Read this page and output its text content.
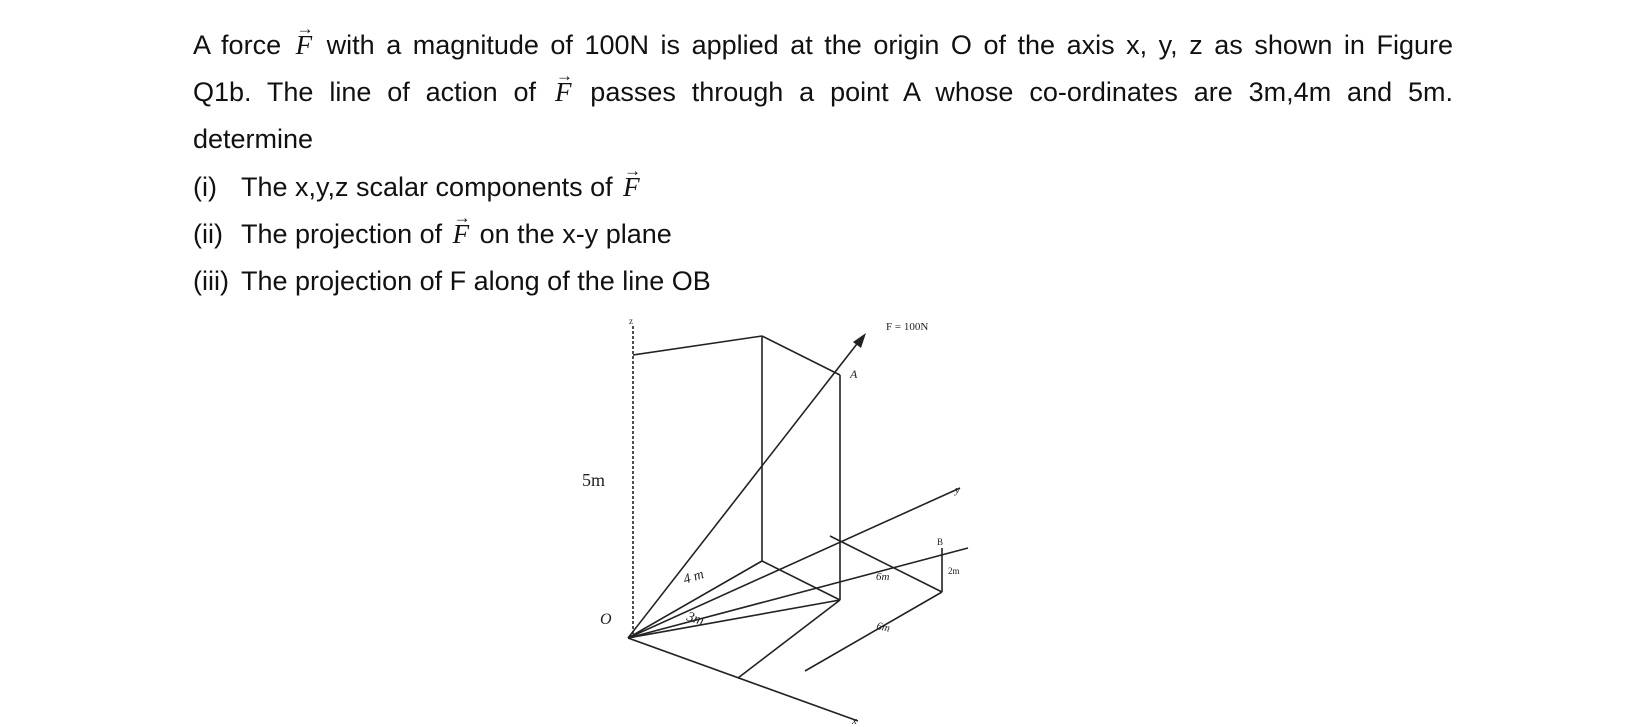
A force → F with a magnitude of 100N is applied at the origin O of the axis x, y, z as shown in Figure
Q1b. The line of action of → F passes through a point A whose co-ordinates are 3m,4m and 5m.
determine
(i) The x,y,z scalar components of → F
(ii) The projection of → F on the x-y plane
(iii) The projection of F along of the line OB
F = 100N
A
B
O
x
y
z
5m
4 m
3m
6m
6m
2m
